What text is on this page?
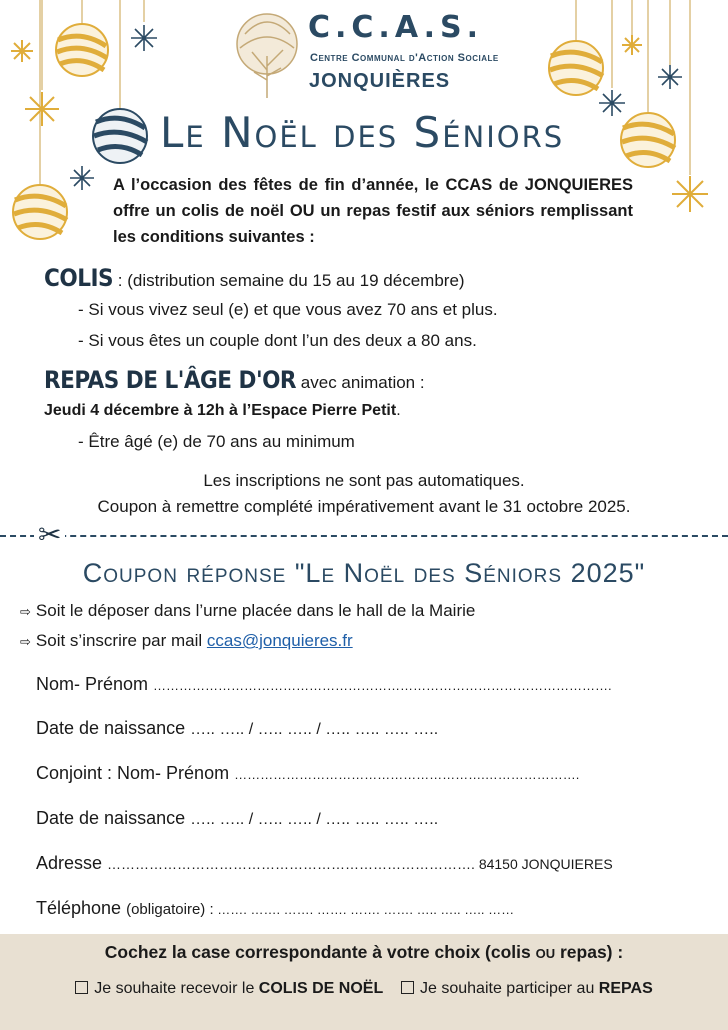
C.C.A.S.
Centre Communal d'Action Sociale
JONQUIÈRES
Le Noël des Séniors
A l’occasion des fêtes de fin d’année, le CCAS de JONQUIERES offre un colis de noël OU un repas festif aux séniors remplissant les conditions suivantes :
COLIS : (distribution semaine du 15 au 19 décembre)
- Si vous vivez seul (e) et que vous avez 70 ans et plus.
- Si vous êtes un couple dont l’un des deux a 80 ans.
REPAS DE L'ÂGE D'OR avec animation :
Jeudi 4 décembre à 12h à l’Espace Pierre Petit.
- Être âgé (e) de 70 ans au minimum
Les inscriptions ne sont pas automatiques.
Coupon à remettre complété impérativement avant le 31 octobre 2025.
✂
Coupon réponse "Le Noël des Séniors 2025"
⇨ Soit le déposer dans l’urne placée dans le hall de la Mairie
⇨ Soit s’inscrire par mail ccas@jonquieres.fr
Nom- Prénom …………………………………………………………………………………………….
Date de naissance ….. ….. / ….. ….. / ….. ….. ….. …..
Conjoint : Nom- Prénom ………………………………………………….………………….
Date de naissance ….. ….. / ….. ….. / ….. ….. ….. …..
Adresse ……………………………………………………………………. 84150 JONQUIERES
Téléphone (obligatoire) : ……. ……. ……. ……. ……. ……. ….. ….. ….. ……
Cochez la case correspondante à votre choix (colis OU repas) :
Je souhaite recevoir le COLIS DE NOËL Je souhaite participer au REPAS
